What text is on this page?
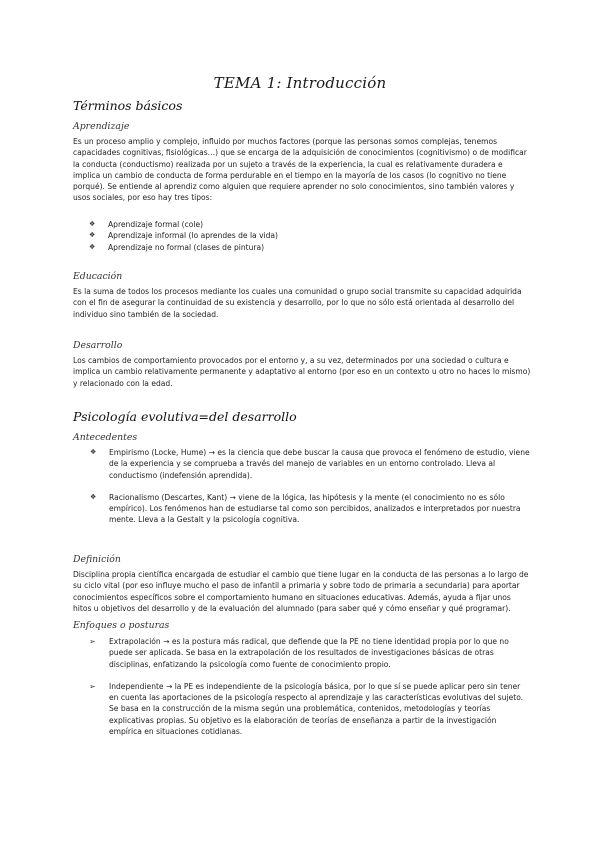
TEMA 1: Introducción
Términos básicos
Aprendizaje

Es un proceso amplio y complejo, influido por muchos factores (porque las personas somos complejas, tenemos capacidades cognitivas, fisiológicas…) que se encarga de la adquisición de conocimientos (cognitivismo) o de modificar la conducta (conductismo) realizada por un sujeto a través de la experiencia, la cual es relativamente duradera e implica un cambio de conducta de forma perdurable en el tiempo en la mayoría de los casos (lo cognitivo no tiene porqué). Se entiende al aprendiz como alguien que requiere aprender no solo conocimientos, sino también valores y usos sociales, por eso hay tres tipos:

❖ Aprendizaje formal (cole)
❖ Aprendizaje informal (lo aprendes de la vida)
❖ Aprendizaje no formal (clases de pintura)
Educación

Es la suma de todos los procesos mediante los cuales una comunidad o grupo social transmite su capacidad adquirida con el fin de asegurar la continuidad de su existencia y desarrollo, por lo que no sólo está orientada al desarrollo del individuo sino también de la sociedad.

Desarrollo

Los cambios de comportamiento provocados por el entorno y, a su vez, determinados por una sociedad o cultura e implica un cambio relativamente permanente y adaptativo al entorno (por eso en un contexto u otro no haces lo mismo) y relacionado con la edad.

Psicología evolutiva=del desarrollo
Antecedentes
❖ Empirismo (Locke, Hume) → es la ciencia que debe buscar la causa que provoca el fenómeno de estudio, viene de la experiencia y se comprueba a través del manejo de variables en un entorno controlado. Lleva al conductismo (indefensión aprendida).
❖ Racionalismo (Descartes, Kant) → viene de la lógica, las hipótesis y la mente (el conocimiento no es sólo empírico). Los fenómenos han de estudiarse tal como son percibidos, analizados e interpretados por nuestra mente. Lleva a la Gestalt y la psicología cognitiva.
Definición

Disciplina propia científica encargada de estudiar el cambio que tiene lugar en la conducta de las personas a lo largo de su ciclo vital (por eso influye mucho el paso de infantil a primaria y sobre todo de primaria a secundaria) para aportar conocimientos específicos sobre el comportamiento humano en situaciones educativas. Además, ayuda a fijar unos hitos u objetivos del desarrollo y de la evaluación del alumnado (para saber qué y cómo enseñar y qué programar).

Enfoques o posturas
➢ Extrapolación → es la postura más radical, que defiende que la PE no tiene identidad propia por lo que no puede ser aplicada. Se basa en la extrapolación de los resultados de investigaciones básicas de otras disciplinas, enfatizando la psicología como fuente de conocimiento propio.
➢ Independiente → la PE es independiente de la psicología básica, por lo que sí se puede aplicar pero sin tener en cuenta las aportaciones de la psicología respecto al aprendizaje y las características evolutivas del sujeto. Se basa en la construcción de la misma según una problemática, contenidos, metodologías y teorías explicativas propias. Su objetivo es la elaboración de teorías de enseñanza a partir de la investigación empírica en situaciones cotidianas.
